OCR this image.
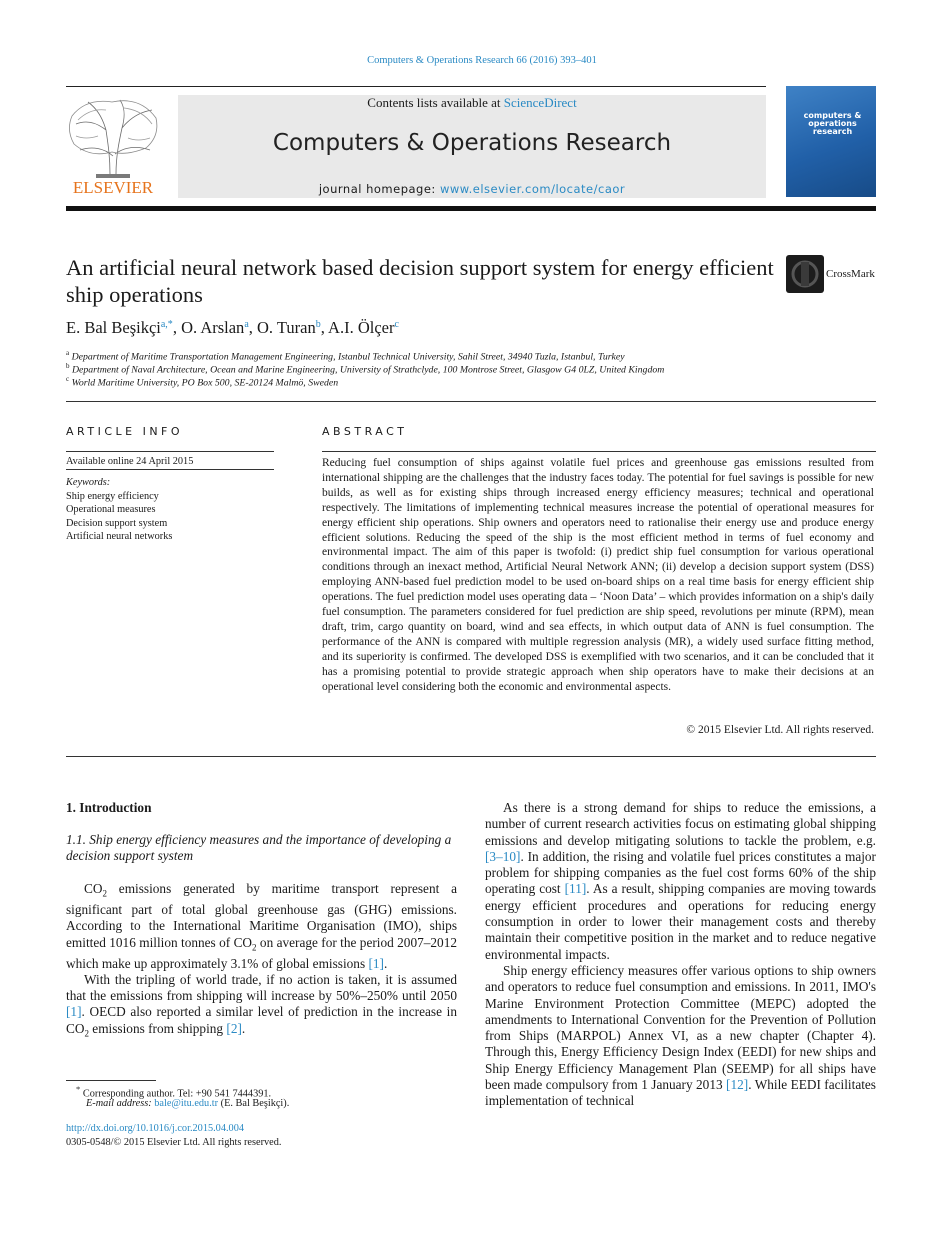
Computers & Operations Research 66 (2016) 393–401
ELSEVIER
Contents lists available at ScienceDirect
Computers & Operations Research
journal homepage: www.elsevier.com/locate/caor
computers & operations research
An artificial neural network based decision support system for energy efficient ship operations
CrossMark
E. Bal Beşikçi$^{a,*}$, O. Arslan$^a$, O. Turan$^b$, A.I. Ölçer$^c$
$^a$ Department of Maritime Transportation Management Engineering, Istanbul Technical University, Sahil Street, 34940 Tuzla, Istanbul, Turkey
$^b$ Department of Naval Architecture, Ocean and Marine Engineering, University of Strathclyde, 100 Montrose Street, Glasgow G4 0LZ, United Kingdom
$^c$ World Maritime University, PO Box 500, SE-20124 Malmö, Sweden
ARTICLE INFO
Available online 24 April 2015
Keywords:
Ship energy efficiency
Operational measures
Decision support system
Artificial neural networks
ABSTRACT
Reducing fuel consumption of ships against volatile fuel prices and greenhouse gas emissions resulted from international shipping are the challenges that the industry faces today. The potential for fuel savings is possible for new builds, as well as for existing ships through increased energy efficiency measures; technical and operational respectively. The limitations of implementing technical measures increase the potential of operational measures for energy efficient ship operations. Ship owners and operators need to rationalise their energy use and produce energy efficient solutions. Reducing the speed of the ship is the most efficient method in terms of fuel economy and environmental impact. The aim of this paper is twofold: (i) predict ship fuel consumption for various operational conditions through an inexact method, Artificial Neural Network ANN; (ii) develop a decision support system (DSS) employing ANN-based fuel prediction model to be used on-board ships on a real time basis for energy efficient ship operations. The fuel prediction model uses operating data – ‘Noon Data’ – which provides information on a ship's daily fuel consumption. The parameters considered for fuel prediction are ship speed, revolutions per minute (RPM), mean draft, trim, cargo quantity on board, wind and sea effects, in which output data of ANN is fuel consumption. The performance of the ANN is compared with multiple regression analysis (MR), a widely used surface fitting method, and its superiority is confirmed. The developed DSS is exemplified with two scenarios, and it can be concluded that it has a promising potential to provide strategic approach when ship operators have to make their decisions at an operational level considering both the economic and environmental aspects.
© 2015 Elsevier Ltd. All rights reserved.
1. Introduction
1.1. Ship energy efficiency measures and the importance of developing a decision support system

$CO_2$ emissions generated by maritime transport represent a significant part of total global greenhouse gas (GHG) emissions. According to the International Maritime Organisation (IMO), ships emitted 1016 million tonnes of $CO_2$ on average for the period 2007–2012 which make up approximately 3.1% of global emissions [1].

With the tripling of world trade, if no action is taken, it is assumed that the emissions from shipping will increase by 50%–250% until 2050 [1]. OECD also reported a similar level of prediction in the increase in $CO_2$ emissions from shipping [2].

As there is a strong demand for ships to reduce the emissions, a number of current research activities focus on estimating global shipping emissions and develop mitigating solutions to tackle the problem, e.g. [3–10]. In addition, the rising and volatile fuel prices constitutes a major problem for shipping companies as the fuel cost forms 60% of the ship operating cost [11]. As a result, shipping companies are moving towards energy efficient procedures and operations for reducing energy consumption in order to lower their management costs and thereby maintain their competitive position in the market and to reduce negative environmental impacts.

Ship energy efficiency measures offer various options to ship owners and operators to reduce fuel consumption and emissions. In 2011, IMO's Marine Environment Protection Committee (MEPC) adopted the amendments to International Convention for the Prevention of Pollution from Ships (MARPOL) Annex VI, as a new chapter (Chapter 4). Through this, Energy Efficiency Design Index (EEDI) for new ships and Ship Energy Efficiency Management Plan (SEEMP) for all ships have been made compulsory from 1 January 2013 [12]. While EEDI facilitates implementation of technical

* Corresponding author. Tel: +90 541 7444391.
E-mail address: bale@itu.edu.tr (E. Bal Beşikçi).
http://dx.doi.org/10.1016/j.cor.2015.04.004
0305-0548/© 2015 Elsevier Ltd. All rights reserved.
